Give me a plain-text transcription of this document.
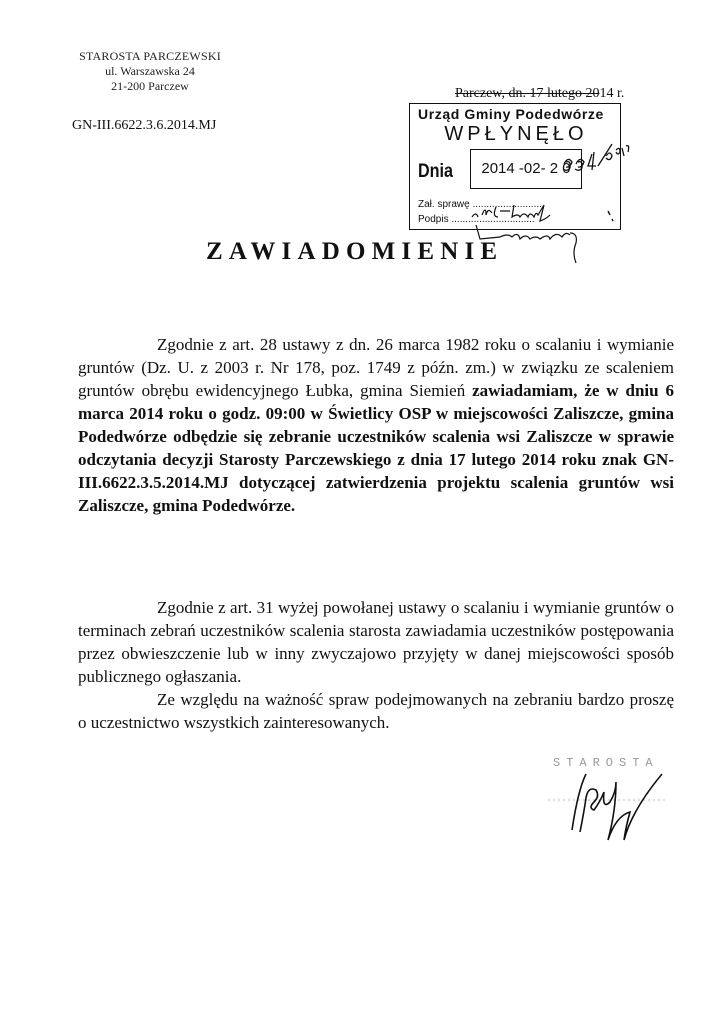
STAROSTA PARCZEWSKI
ul. Warszawska 24
21-200 Parczew
GN-III.6622.3.6.2014.MJ
Parczew, dn. 17 lutego 2014 r.
Urząd Gminy Podedwórze
WPŁYNĘŁO
Dnia	2014 -02- 2 0
Zał. sprawę ..........................
Podpis ..............................
ZAWIADOMIENIE
Zgodnie z art. 28 ustawy z dn. 26 marca 1982 roku o scalaniu i wymianie gruntów (Dz. U. z 2003 r. Nr 178, poz. 1749 z późn. zm.) w związku ze scaleniem gruntów obrębu ewidencyjnego Łubka, gmina Siemień zawiadamiam, że w dniu 6 marca 2014 roku o godz. 09:00 w Świetlicy OSP w miejscowości Zaliszcze, gmina Podedwórze odbędzie się zebranie uczestników scalenia wsi Zaliszcze w sprawie odczytania decyzji Starosty Parczewskiego z dnia 17 lutego 2014 roku znak GN-III.6622.3.5.2014.MJ dotyczącej zatwierdzenia projektu scalenia gruntów wsi Zaliszcze, gmina Podedwórze.
Zgodnie z art. 31 wyżej powołanej ustawy o scalaniu i wymianie gruntów o terminach zebrań uczestników scalenia starosta zawiadamia uczestników postępowania przez obwieszczenie lub w inny zwyczajowo przyjęty w danej miejscowości sposób publicznego ogłaszania.
Ze względu na ważność spraw podejmowanych na zebraniu bardzo proszę o uczestnictwo wszystkich zainteresowanych.
STAROSTA
